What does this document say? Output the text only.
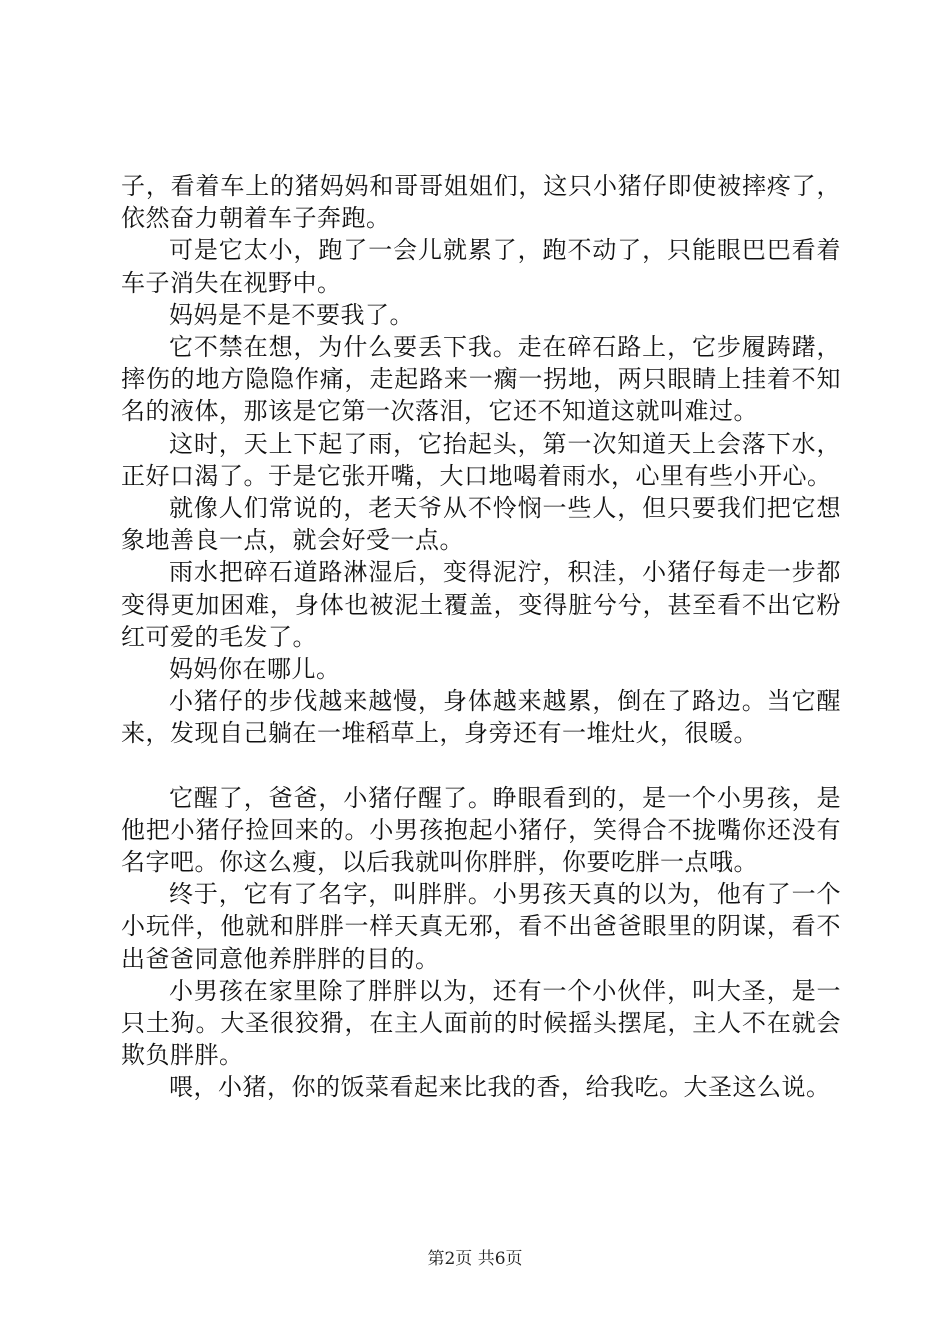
子，看着车上的猪妈妈和哥哥姐姐们，这只小猪仔即使被摔疼了，依然奋力朝着车子奔跑。

可是它太小，跑了一会儿就累了，跑不动了，只能眼巴巴看着车子消失在视野中。

妈妈是不是不要我了。

它不禁在想，为什么要丢下我。走在碎石路上，它步履踌躇，摔伤的地方隐隐作痛，走起路来一瘸一拐地，两只眼睛上挂着不知名的液体，那该是它第一次落泪，它还不知道这就叫难过。

这时，天上下起了雨，它抬起头，第一次知道天上会落下水，正好口渴了。于是它张开嘴，大口地喝着雨水，心里有些小开心。

就像人们常说的，老天爷从不怜悯一些人，但只要我们把它想象地善良一点，就会好受一点。

雨水把碎石道路淋湿后，变得泥泞，积洼，小猪仔每走一步都变得更加困难，身体也被泥土覆盖，变得脏兮兮，甚至看不出它粉红可爱的毛发了。

妈妈你在哪儿。

小猪仔的步伐越来越慢，身体越来越累，倒在了路边。当它醒来，发现自己躺在一堆稻草上，身旁还有一堆灶火，很暖。

它醒了，爸爸，小猪仔醒了。睁眼看到的，是一个小男孩，是他把小猪仔捡回来的。小男孩抱起小猪仔，笑得合不拢嘴你还没有名字吧。你这么瘦，以后我就叫你胖胖，你要吃胖一点哦。

终于，它有了名字，叫胖胖。小男孩天真的以为，他有了一个小玩伴，他就和胖胖一样天真无邪，看不出爸爸眼里的阴谋，看不出爸爸同意他养胖胖的目的。

小男孩在家里除了胖胖以为，还有一个小伙伴，叫大圣，是一只土狗。大圣很狡猾，在主人面前的时候摇头摆尾，主人不在就会欺负胖胖。

喂，小猪，你的饭菜看起来比我的香，给我吃。大圣这么说。

第2页 共6页
